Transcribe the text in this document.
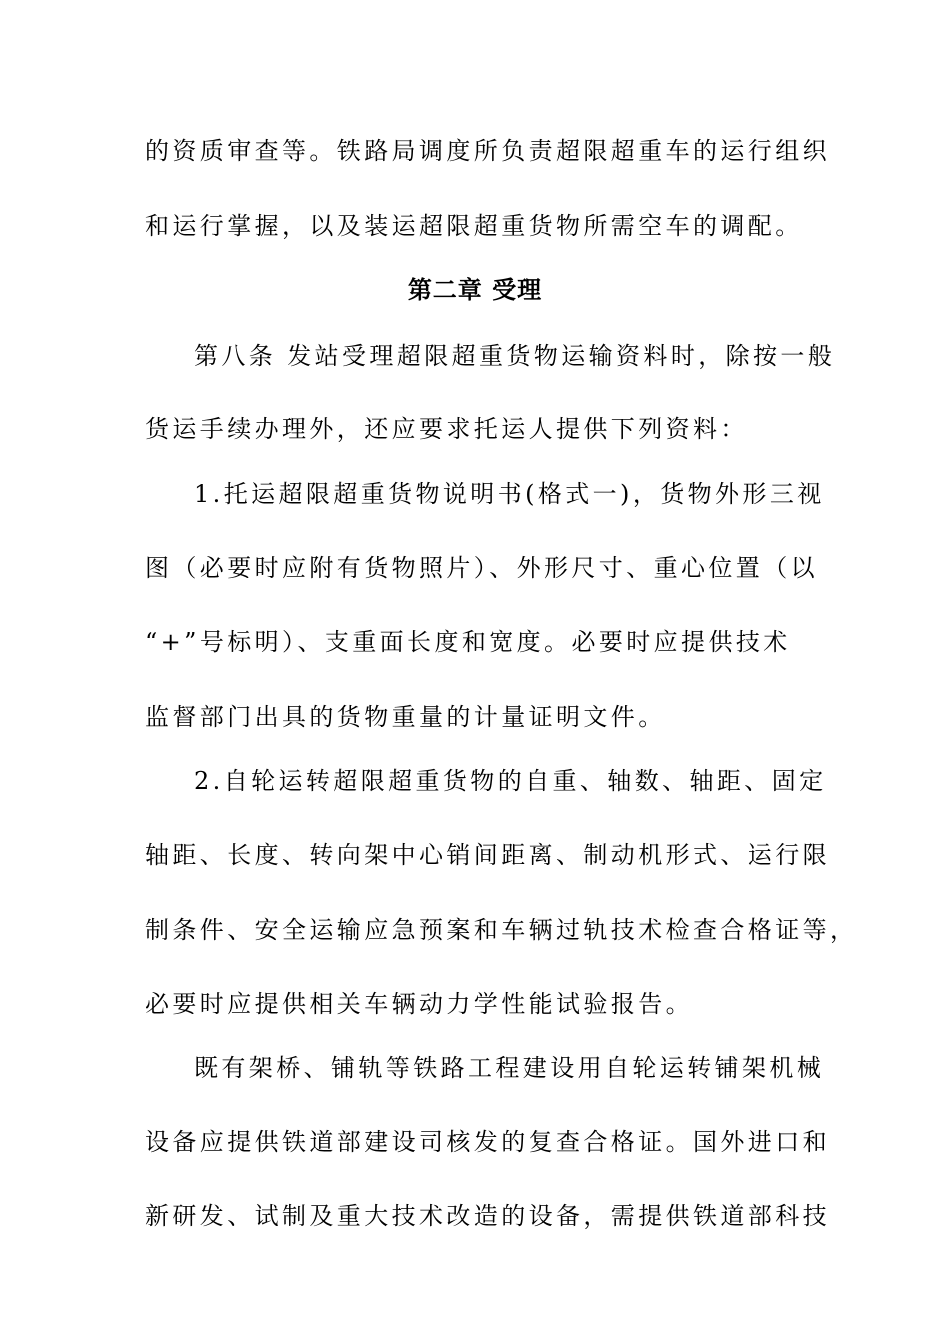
的资质审查等。铁路局调度所负责超限超重车的运行组织
和运行掌握，以及装运超限超重货物所需空车的调配。
第二章 受理
第八条 发站受理超限超重货物运输资料时，除按一般
货运手续办理外，还应要求托运人提供下列资料：
1.托运超限超重货物说明书(格式一)，货物外形三视
图（必要时应附有货物照片）、外形尺寸、重心位置（以
“+”号标明）、支重面长度和宽度。必要时应提供技术
监督部门出具的货物重量的计量证明文件。
2.自轮运转超限超重货物的自重、轴数、轴距、固定
轴距、长度、转向架中心销间距离、制动机形式、运行限
制条件、安全运输应急预案和车辆过轨技术检查合格证等，
必要时应提供相关车辆动力学性能试验报告。
既有架桥、铺轨等铁路工程建设用自轮运转铺架机械
设备应提供铁道部建设司核发的复查合格证。国外进口和
新研发、试制及重大技术改造的设备，需提供铁道部科技
